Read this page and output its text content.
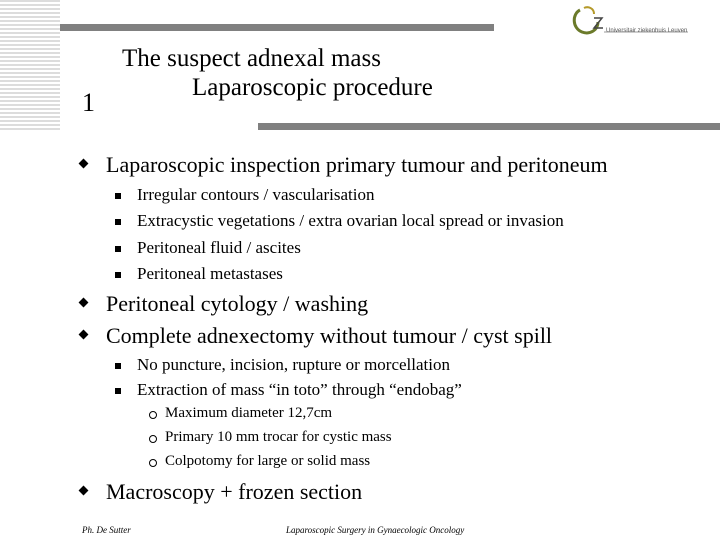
Universitair ziekenhuis Leuven
1
The suspect adnexal mass
Laparoscopic procedure
Laparoscopic inspection primary tumour and peritoneum
Irregular contours / vascularisation
Extracystic vegetations / extra ovarian local spread or invasion
Peritoneal fluid / ascites
Peritoneal metastases
Peritoneal cytology / washing
Complete adnexectomy without tumour / cyst spill
No puncture, incision, rupture or morcellation
Extraction of mass “in toto” through “endobag”
Maximum diameter 12,7cm
Primary 10 mm trocar for cystic mass
Colpotomy for large or solid mass
Macroscopy + frozen section
Ph. De Sutter	Laparoscopic Surgery in Gynaecologic Oncology
